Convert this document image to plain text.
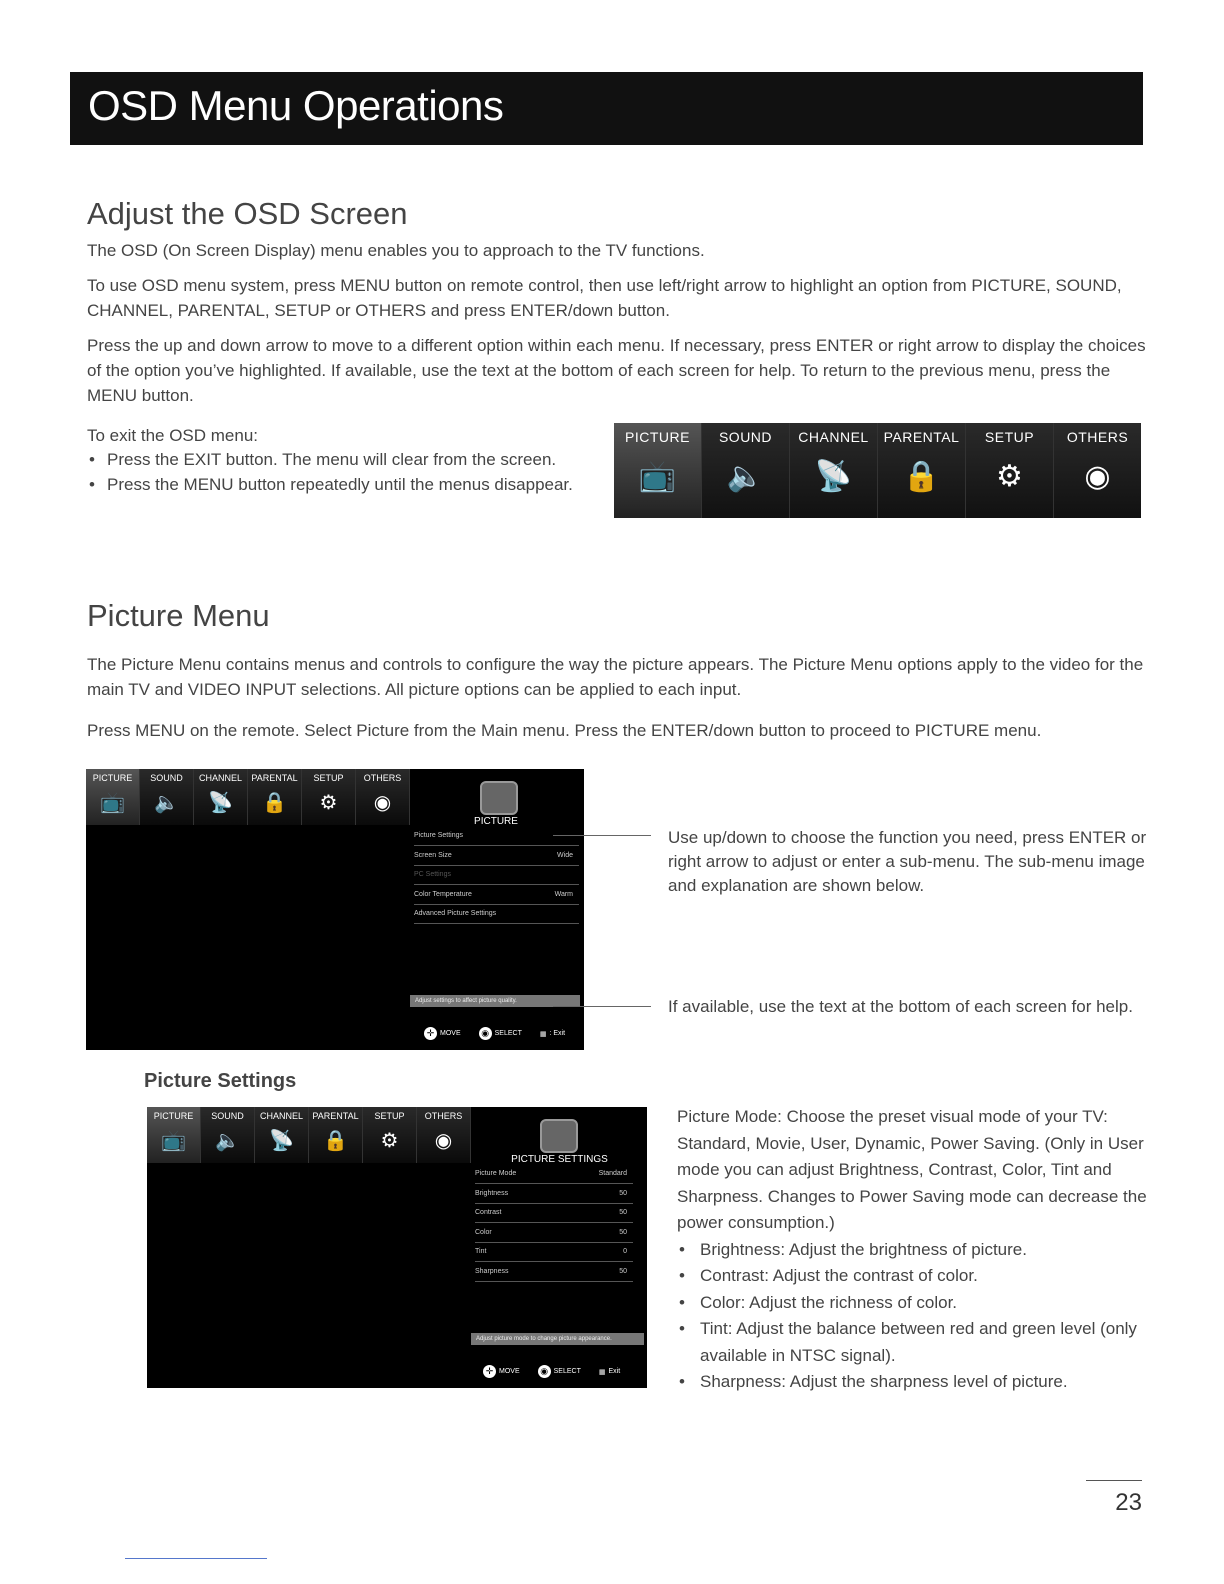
OSD Menu Operations
Adjust the OSD Screen

The OSD (On Screen Display) menu enables you to approach to the TV functions.

To use OSD menu system, press MENU button on remote control, then use left/right arrow to highlight an option from PICTURE, SOUND, CHANNEL, PARENTAL, SETUP or OTHERS and press ENTER/down button.

Press the up and down arrow to move to a different option within each menu. If necessary, press ENTER or right arrow to display the choices of the option you’ve highlighted. If available, use the text at the bottom of each screen for help. To return to the previous menu, press the MENU button.

To exit the OSD menu:

• Press the EXIT button. The menu will clear from the screen.
• Press the MENU button repeatedly until the menus disappear.
PICTURE
📺
SOUND
🔈
CHANNEL
📡
PARENTAL
🔒
SETUP
⚙
OTHERS
◉
Picture Menu

The Picture Menu contains menus and controls to configure the way the picture appears. The Picture Menu options apply to the video for the main TV and VIDEO INPUT selections. All picture options can be applied to each input.

Press MENU on the remote. Select Picture from the Main menu. Press the ENTER/down button to proceed to PICTURE menu.

PICTURE
📺
SOUND
🔈
CHANNEL
📡
PARENTAL
🔒
SETUP
⚙
OTHERS
◉
PICTURE
Picture Settings
Screen Size	Wide
PC Settings
Color Temperature	Warm
Advanced Picture Settings
Adjust settings to affect picture quality.
✛ MOVE ◉ SELECT	▦ : Exit

Use up/down to choose the function you need, press ENTER or right arrow to adjust or enter a sub-menu. The sub-menu image and explanation are shown below.

If available, use the text at the bottom of each screen for help.

Picture Settings

PICTURE
📺
SOUND
🔈
CHANNEL
📡
PARENTAL
🔒
SETUP
⚙
OTHERS
◉
PICTURE SETTINGS
Picture Mode	Standard
Brightness	50
Contrast	50
Color	50
Tint	0
Sharpness	50
Adjust picture mode to change picture appearance.
✛ MOVE ◉ SELECT	▦ Exit

Picture Mode: Choose the preset visual mode of your TV: Standard, Movie, User, Dynamic, Power Saving. (Only in User mode you can adjust Brightness, Contrast, Color, Tint and Sharpness. Changes to Power Saving mode can decrease the power consumption.)

• Brightness: Adjust the brightness of picture.
• Contrast: Adjust the contrast of color.
• Color: Adjust the richness of color.
• Tint: Adjust the balance between red and green level (only available in NTSC signal).
• Sharpness: Adjust the sharpness level of picture.
23
